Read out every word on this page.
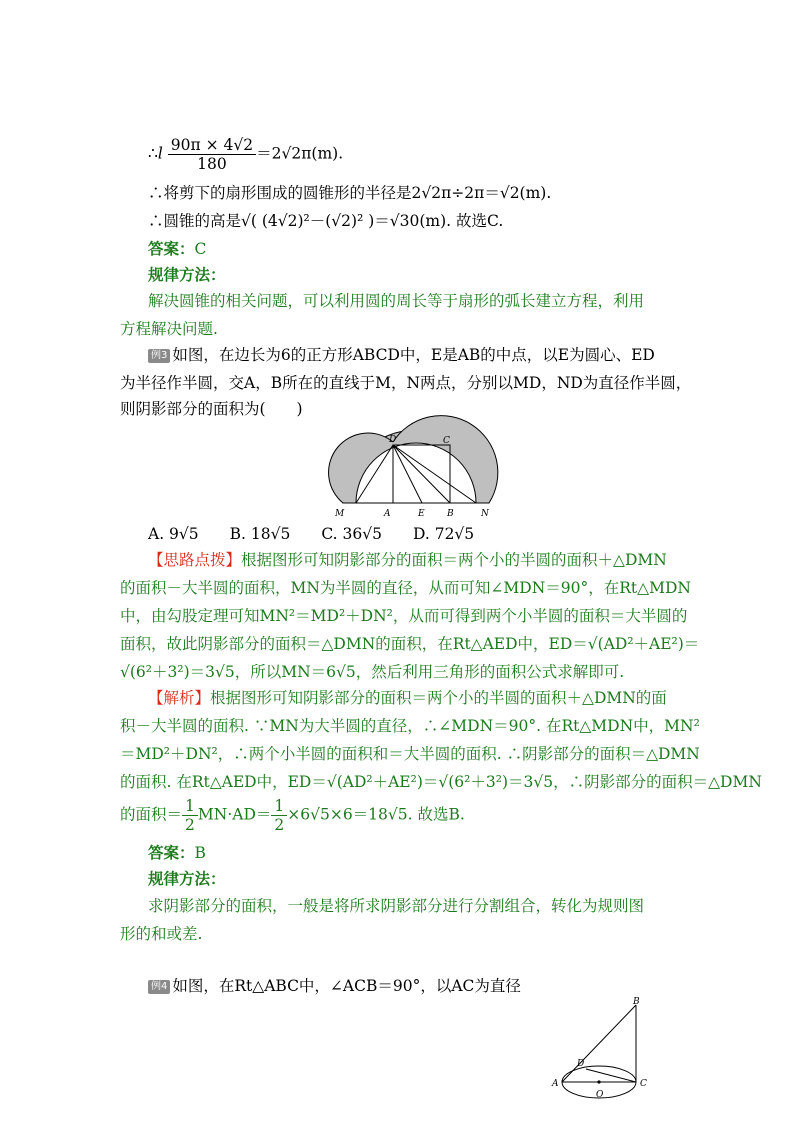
∴l $\frac{90\pi \times 4√2}{180} =2√2\pi(m)$.
∴将剪下的扇形围成的圆锥形的半径是2√2π÷2π＝√2(m).
∴圆锥的高是√( (4√2)²－(√2)² )＝√30(m). 故选C.
答案：C
规律方法：
解决圆锥的相关问题，可以利用圆的周长等于扇形的弧长建立方程，利用
方程解决问题.
例3 如图，在边长为6的正方形ABCD中，E是AB的中点，以E为圆心、ED
为半径作半圆，交A，B所在的直线于M，N两点，分别以MD，ND为直径作半圆，
则阴影部分的面积为(　　)
D	C
M	A	E B	N
A. 9√5　　B. 18√5　　C. 36√5　　D. 72√5
【思路点拨】根据图形可知阴影部分的面积＝两个小的半圆的面积＋△DMN
的面积－大半圆的面积，MN为半圆的直径，从而可知∠MDN＝90°，在Rt△MDN
中，由勾股定理可知MN²＝MD²＋DN²，从而可得到两个小半圆的面积＝大半圆的
面积，故此阴影部分的面积＝△DMN的面积，在Rt△AED中，ED＝√(AD²＋AE²)＝
√(6²＋3²)＝3√5，所以MN＝6√5，然后利用三角形的面积公式求解即可.
【解析】根据图形可知阴影部分的面积＝两个小的半圆的面积＋△DMN的面
积－大半圆的面积. ∵MN为大半圆的直径，∴∠MDN＝90°. 在Rt△MDN中，MN²
＝MD²＋DN²，∴两个小半圆的面积和＝大半圆的面积. ∴阴影部分的面积＝△DMN
的面积. 在Rt△AED中，ED＝√(AD²＋AE²)＝√(6²＋3²)＝3√5，∴阴影部分的面积＝△DMN
的面积＝ $\frac{1}{2} MN\cdot AD= \frac{1}{2} \times 6√5\times 6=18√5$. 故选B.
答案：B
规律方法：
求阴影部分的面积，一般是将所求阴影部分进行分割组合，转化为规则图
形的和或差.
例4 如图，在Rt△ABC中，∠ACB＝90°，以AC为直径
B
D
A
O
C
